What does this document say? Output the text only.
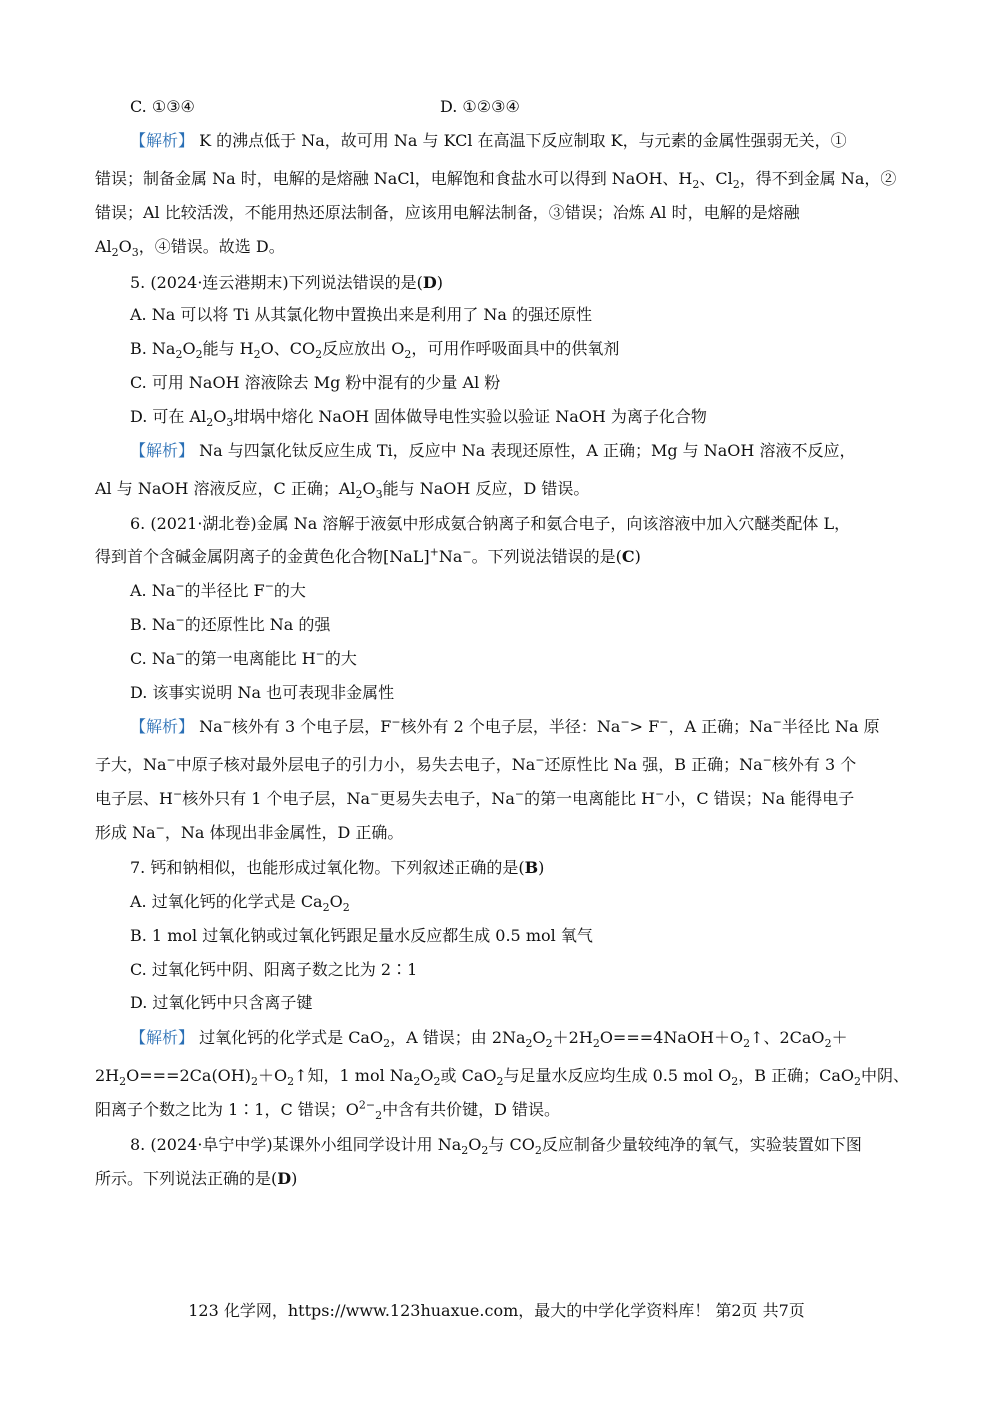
C. ①③④	D. ①②③④
【解析】 K 的沸点低于 Na，故可用 Na 与 KCl 在高温下反应制取 K，与元素的金属性强弱无关，①
错误；制备金属 Na 时，电解的是熔融 NaCl，电解饱和食盐水可以得到 NaOH、$H_2$、$Cl_2$，得不到金属 Na，②
错误；Al 比较活泼，不能用热还原法制备，应该用电解法制备，③错误；冶炼 Al 时，电解的是熔融
$Al_2O_3$，④错误。故选 D。
5. (2024·连云港期末)下列说法错误的是(D)
A. Na 可以将 Ti 从其氯化物中置换出来是利用了 Na 的强还原性
B. $Na_2O_2$能与 $H_2O$、$CO_2$反应放出 $O_2$，可用作呼吸面具中的供氧剂
C. 可用 NaOH 溶液除去 Mg 粉中混有的少量 Al 粉
D. 可在 $Al_2O_3$坩埚中熔化 NaOH 固体做导电性实验以验证 NaOH 为离子化合物
【解析】 Na 与四氯化钛反应生成 Ti，反应中 Na 表现还原性，A 正确；Mg 与 NaOH 溶液不反应，
Al 与 NaOH 溶液反应，C 正确；$Al_2O_3$能与 NaOH 反应，D 错误。
6. (2021·湖北卷)金属 Na 溶解于液氨中形成氨合钠离子和氨合电子，向该溶液中加入穴醚类配体 L，
得到首个含碱金属阴离子的金黄色化合物[NaL]+Na−。下列说法错误的是(C)
A. Na−的半径比 F−的大
B. Na−的还原性比 Na 的强
C. Na−的第一电离能比 H−的大
D. 该事实说明 Na 也可表现非金属性
【解析】 Na−核外有 3 个电子层，F−核外有 2 个电子层，半径：Na−> F−，A 正确；Na−半径比 Na 原
子大，Na−中原子核对最外层电子的引力小，易失去电子，Na−还原性比 Na 强，B 正确；Na−核外有 3 个
电子层、H−核外只有 1 个电子层，Na−更易失去电子，Na−的第一电离能比 H−小，C 错误；Na 能得电子
形成 Na−，Na 体现出非金属性，D 正确。
7. 钙和钠相似，也能形成过氧化物。下列叙述正确的是(B)
A. 过氧化钙的化学式是 $Ca_2O_2$
B. 1 mol 过氧化钠或过氧化钙跟足量水反应都生成 0.5 mol 氧气
C. 过氧化钙中阴、阳离子数之比为 2∶1
D. 过氧化钙中只含离子键
【解析】 过氧化钙的化学式是 CaO$_2$，A 错误；由 $2Na_2O_2+2H_2O===4NaOH+O_2↑$、2CaO$_2$＋
$2H_2O===2Ca(OH)_2+O_2↑$知，1 mol $Na_2O_2$或 CaO$_2$与足量水反应均生成 0.5 mol $O_2$，B 正确；CaO$_2$中阴、
阳离子个数之比为 1∶1，C 错误；$O^{2-}_2$中含有共价键，D 错误。
8. (2024·阜宁中学)某课外小组同学设计用 $Na_2O_2$与 $CO_2$反应制备少量较纯净的氧气，实验装置如下图
所示。下列说法正确的是(D)
123 化学网，https://www.123huaxue.com，最大的中学化学资料库！ 第2页 共7页
